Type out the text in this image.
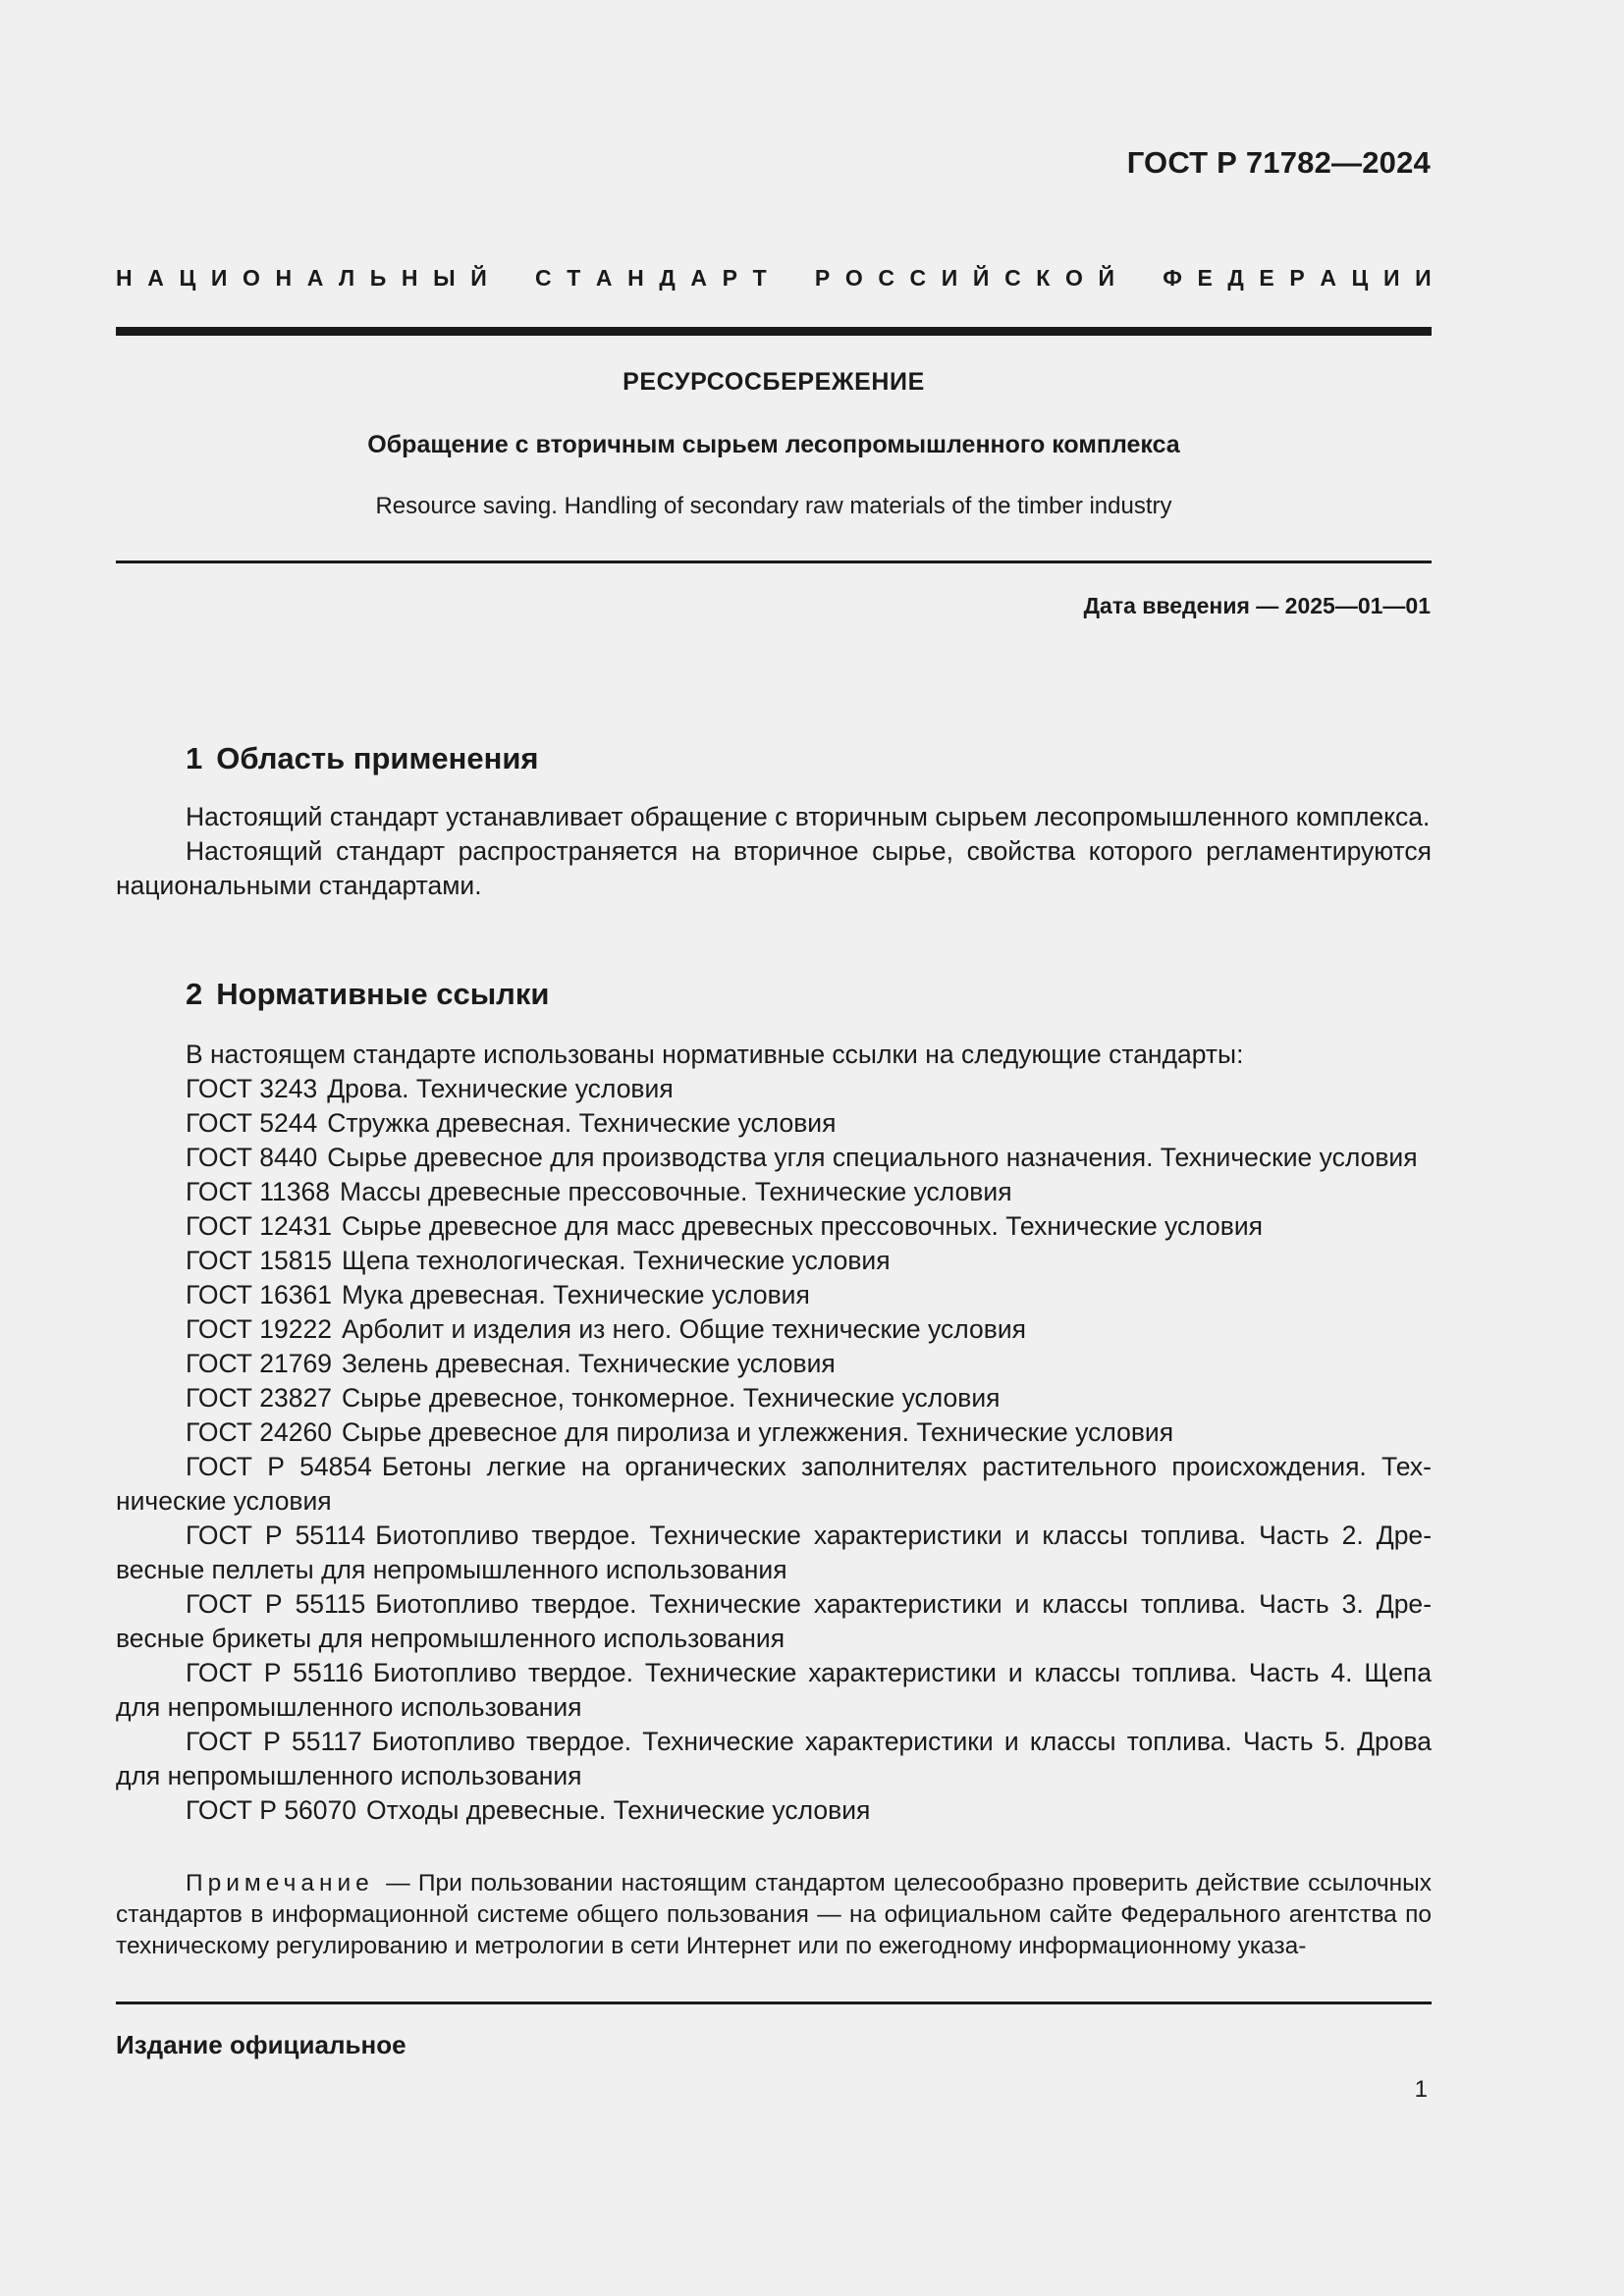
ГОСТ Р 71782—2024
Н А Ц И О Н А Л Ь Н Ы Й С Т А Н Д А Р Т Р О С С И Й С К О Й Ф Е Д Е Р А Ц И И
РЕСУРСОСБЕРЕЖЕНИЕ
Обращение с вторичным сырьем лесопромышленного комплекса
Resource saving. Handling of secondary raw materials of the timber industry
Дата введения — 2025—01—01
1 Область применения

Настоящий стандарт устанавливает обращение с вторичным сырьем лесопромышленного комплекса.

Настоящий стандарт распространяется на вторичное сырье, свойства которого регламентируются национальными стандартами.

2 Нормативные ссылки

В настоящем стандарте использованы нормативные ссылки на следующие стандарты:

ГОСТ 3243 Дрова. Технические условия

ГОСТ 5244 Стружка древесная. Технические условия

ГОСТ 8440 Сырье древесное для производства угля специального назначения. Технические условия

ГОСТ 11368 Массы древесные прессовочные. Технические условия

ГОСТ 12431 Сырье древесное для масс древесных прессовочных. Технические условия

ГОСТ 15815 Щепа технологическая. Технические условия

ГОСТ 16361 Мука древесная. Технические условия

ГОСТ 19222 Арболит и изделия из него. Общие технические условия

ГОСТ 21769 Зелень древесная. Технические условия

ГОСТ 23827 Сырье древесное, тонкомерное. Технические условия

ГОСТ 24260 Сырье древесное для пиролиза и углежжения. Технические условия

ГОСТ Р 54854 Бетоны легкие на органических заполнителях растительного происхождения. Технические условия

ГОСТ Р 55114 Биотопливо твердое. Технические характеристики и классы топлива. Часть 2. Древесные пеллеты для непромышленного использования

ГОСТ Р 55115 Биотопливо твердое. Технические характеристики и классы топлива. Часть 3. Древесные брикеты для непромышленного использования

ГОСТ Р 55116 Биотопливо твердое. Технические характеристики и классы топлива. Часть 4. Щепа для непромышленного использования

ГОСТ Р 55117 Биотопливо твердое. Технические характеристики и классы топлива. Часть 5. Дрова для непромышленного использования

ГОСТ Р 56070 Отходы древесные. Технические условия

Примечание — При пользовании настоящим стандартом целесообразно проверить действие ссылочных стандартов в информационной системе общего пользования — на официальном сайте Федерального агентства по техническому регулированию и метрологии в сети Интернет или по ежегодному информационному указа-

Издание официальное
1
